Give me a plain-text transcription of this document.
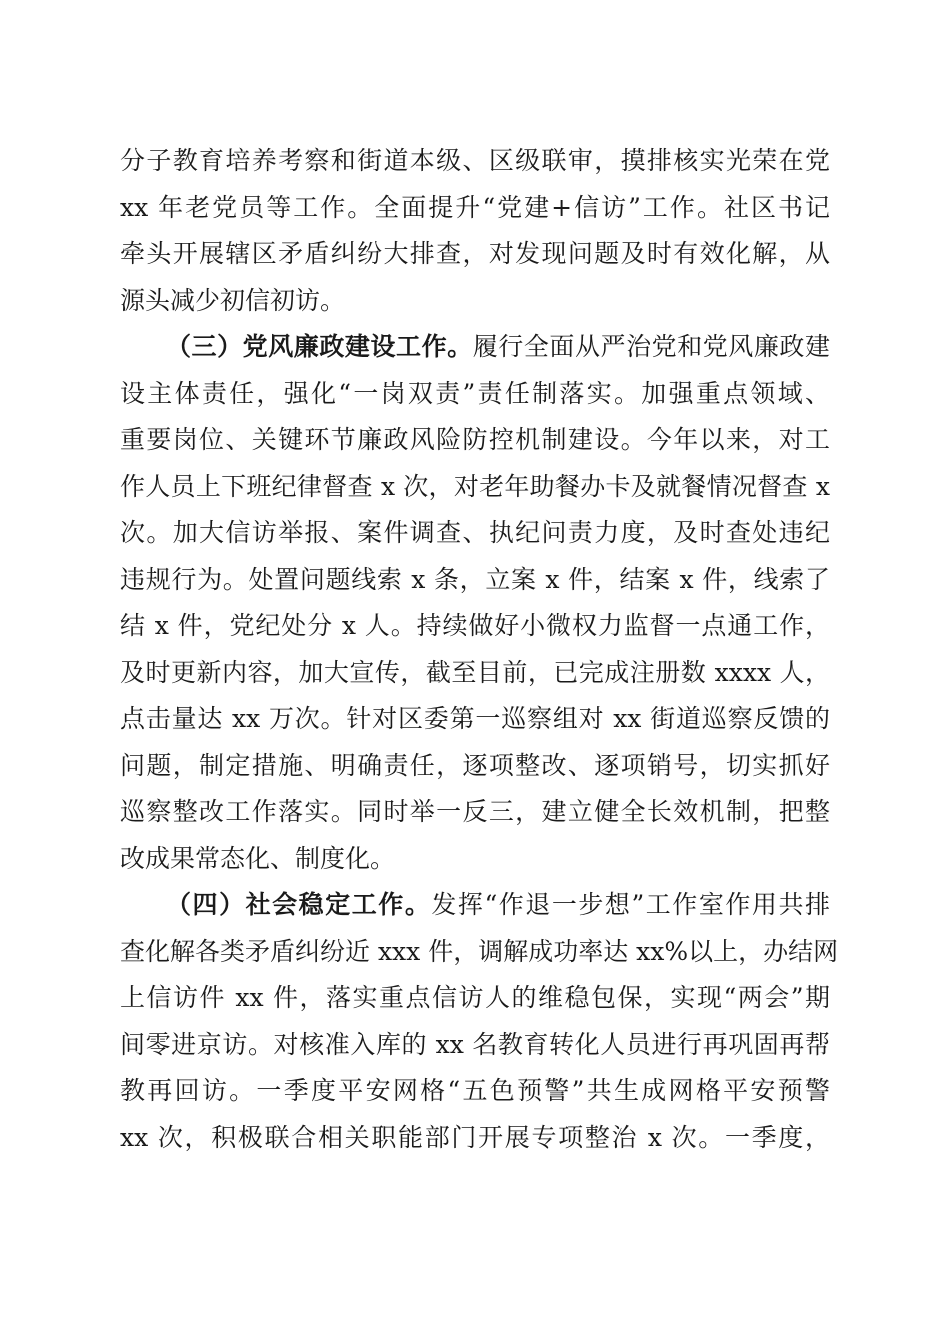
分子教育培养考察和街道本级、区级联审，摸排核实光荣在党
xx 年老党员等工作。全面提升“党建+信访”工作。社区书记
牵头开展辖区矛盾纠纷大排查，对发现问题及时有效化解，从
源头减少初信初访。
（三）党风廉政建设工作。履行全面从严治党和党风廉政建
设主体责任，强化“一岗双责”责任制落实。加强重点领域、
重要岗位、关键环节廉政风险防控机制建设。今年以来，对工
作人员上下班纪律督查 x 次，对老年助餐办卡及就餐情况督查 x
次。加大信访举报、案件调查、执纪问责力度，及时查处违纪
违规行为。处置问题线索 x 条，立案 x 件，结案 x 件，线索了
结 x 件，党纪处分 x 人。持续做好小微权力监督一点通工作，
及时更新内容，加大宣传，截至目前，已完成注册数 xxxx 人，
点击量达 xx 万次。针对区委第一巡察组对 xx 街道巡察反馈的
问题，制定措施、明确责任，逐项整改、逐项销号，切实抓好
巡察整改工作落实。同时举一反三，建立健全长效机制，把整
改成果常态化、制度化。
（四）社会稳定工作。发挥“作退一步想”工作室作用共排
查化解各类矛盾纠纷近 xxx 件，调解成功率达 xx%以上，办结网
上信访件 xx 件，落实重点信访人的维稳包保，实现“两会”期
间零进京访。对核准入库的 xx 名教育转化人员进行再巩固再帮
教再回访。一季度平安网格“五色预警”共生成网格平安预警
xx 次，积极联合相关职能部门开展专项整治 x 次。一季度，
